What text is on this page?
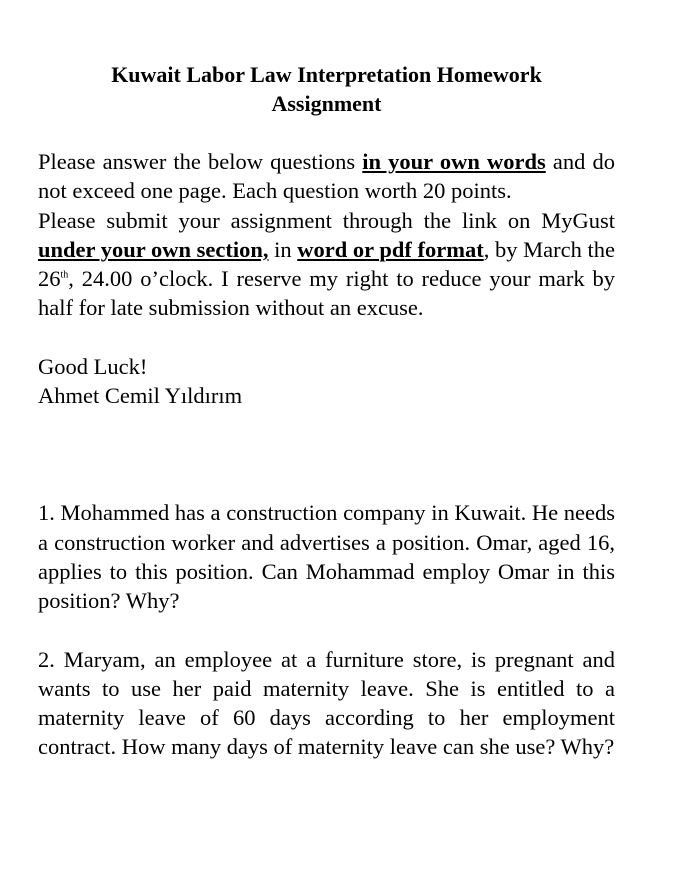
Kuwait Labor Law Interpretation Homework
Assignment

Please answer the below questions in your own words and do not exceed one page. Each question worth 20 points.

Please submit your assignment through the link on MyGust under your own section, in word or pdf format, by March the 26th, 24.00 o’clock. I reserve my right to reduce your mark by half for late submission without an excuse.

Good Luck!
Ahmet Cemil Yıldırım

1. Mohammed has a construction company in Kuwait. He needs a construction worker and advertises a position. Omar, aged 16, applies to this position. Can Mohammad employ Omar in this position? Why?

2. Maryam, an employee at a furniture store, is pregnant and wants to use her paid maternity leave. She is entitled to a maternity leave of 60 days according to her employment contract. How many days of maternity leave can she use? Why?
